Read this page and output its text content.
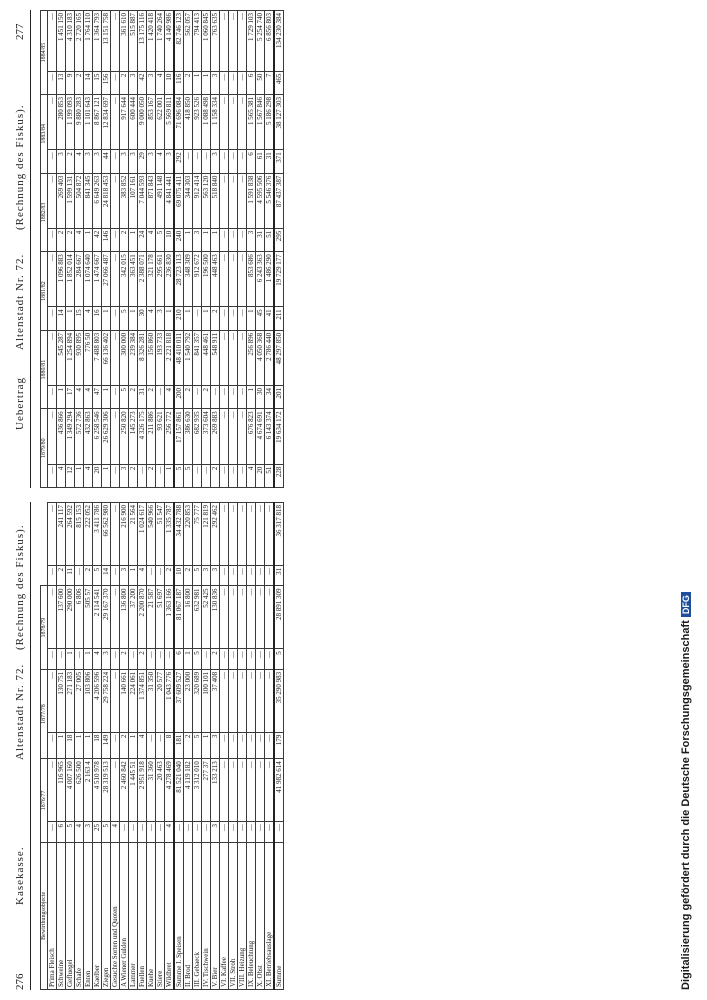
276
Kasekasse.
Altenstadt Nr. 72.
(Rechnung des Fiskus).
Bewirthungsobjecte	1876/77		1877/78		1878/79			
Prima Fleisch	—	—	—	—	—	—	—	—
Schweine	6	116 965	1	130 751	—	137 600	2	241 117
Gefluegel	5	4 007 160	18	271 183	1	290 000	11	264 592
Schafe	4	626 500	1	27 005	—	6 806	—	815 153
Enten	3	2 163 4	1	103 806	1	505 57	2	222 052
Kaelber	25	4 510 978	18	4 206 596	4	2 114 541	5	3 411 786
Ziegen	5	28 319 513	149	29 758 224	3	29 167 370	14	66 562 980
Gesuchte Sorten und Quoten	4	—	—	—	—	—	—	—
A Wiener Gulden	—	2 460 842	2	140 661	2	136 800	3	216 900
Lammer	—	1 445 51	1	224 061	—	37 200	1	21 564
Fuellen	—	2 951 918	4	1 374 851	2	2 200 870	4	1 024 617
Kuehe	—	31 360	—	31 350	—	21 587	—	540 966
Stiere	—	20 463	—	20 577	—	51 697	—	51 547
Wildbret	4	4 278 469	8	1 043 776	—	1 363 166	2	1 335 787
Summe I. Speisen	—	81 521 040	181	37 609 527	6	81 067 187	10	34 432 788
II. Brod	—	4 119 182	2	23 000	1	16 800	2	220 853
III. Gebaeck	—	3 312 010	5	320 689	5	632 981	5	75 777
IV. Tischwein	—	277 37	1	100 101	—	52 425	3	121 819
V. Bier	3	133 213	3	37 408	2	130 836	3	292 462
VI. Kaffee	—	—	—	—	—	—	—	—
VII. Stroh	—	—	—	—	—	—	—	—
VIII. Heizung	—	—	—	—	—	—	—	—
IX. Beleuchtung	—	—	—	—	—	—	—	—
X. Obst	—	—	—	—	—	—	—	—
XI. Betriebsauslage	—	—	—	—	—	—	—	—
Summe	—	41 982 614	179	35 290 983	5	28 891 309	31	36 317 818
Uebertrag
Altenstadt Nr. 72.
(Rechnung des Fiskus).
277
1879/80		1880/81		1881/82		1882/83		1883/84		1884/85	
—	—	—	—	—	—	—	—	—	—	—	—
4	436 866	1	545 287	14	1 096 883	2	269 403	3	280 853	13	1 451 150
12	1 349 294	17	1 254 894	1	1 852 014	2	1 599 131	2	1 199 093	9	4 310 183
1	572 736	4	930 895	15	284 667	4	504 872	4	9 880 283	2	2 720 165
4	432 863	4	776 50	4	1 074 640	1	841 345	3	1 101 643	14	1 764 110
20	6 258 546	47	7 488 803	16	1 474 667	42	6 649 263	3	8 867 121	15	1 364 793
1	26 629 306	1	66 136 402	1	27 066 487	146	24 818 453	44	12 834 697	156	13 151 758
—	—	—	—	—	—	—	—	—	—	—	—
3	250 820	5	300 000	5	342 015	2	383 852	3	917 644	2	361 610
2	145 273	2	239 384	1	363 451	1	107 161	3	600 444	3	515 887
—	4 326 175	31	8 326 281	30	2 388 071	24	7 044 593	29	9 000 050	42	13 175 116
2	211 886	2	156 860	4	321 178	4	871 843	3	853 167	3	1 420 418
—	93 621	—	193 733	3	295 661	5	491 148	4	622 001	4	1 740 264
1	256 772	4	2 221 818	1	236 830	10	4 841 441	3	5 569 811	10	4 140 986
5	17 157 861	200	48 410 011	210	28 723 113	240	69 075 411	292	71 696 084	116	82 746 123
5	386 630	2	1 540 792	1	348 309	1	344 303	—	418 850	2	562 057
—	682 935	—	841 357	—	912 672	3	912 414	—	923 526	1	794 413
—	373 604	2	448 461	1	196 500	1	563 120	—	1 088 498	1	1 060 845
2	269 883	—	548 911	2	448 463	1	518 840	3	1 158 334	3	763 635
—	—	—	—	—	—	—	—	—	—	—	—
—	—	—	—	—	—	—	—	—	—	—	—
—	—	—	—	—	—	—	—	—	—	—	—
4	676 823	1	256 896	1	853 686	3	1 591 838	6	1 565 381	6	1 729 103
20	4 674 691	30	4 050 368	45	6 243 363	31	4 595 506	61	1 567 846	50	5 254 740
51	6 143 374	34	2 786 440	41	1 486 290	51	5 546 376	31	5 186 298	7	6 856 803
228	19 634 172	201	48 297 850	211	19 729 177	295	87 437 387	371	38 127 303	465	134 230 384
Digitalisierung gefördert durch die Deutsche Forschungsgemeinschaft DFG
